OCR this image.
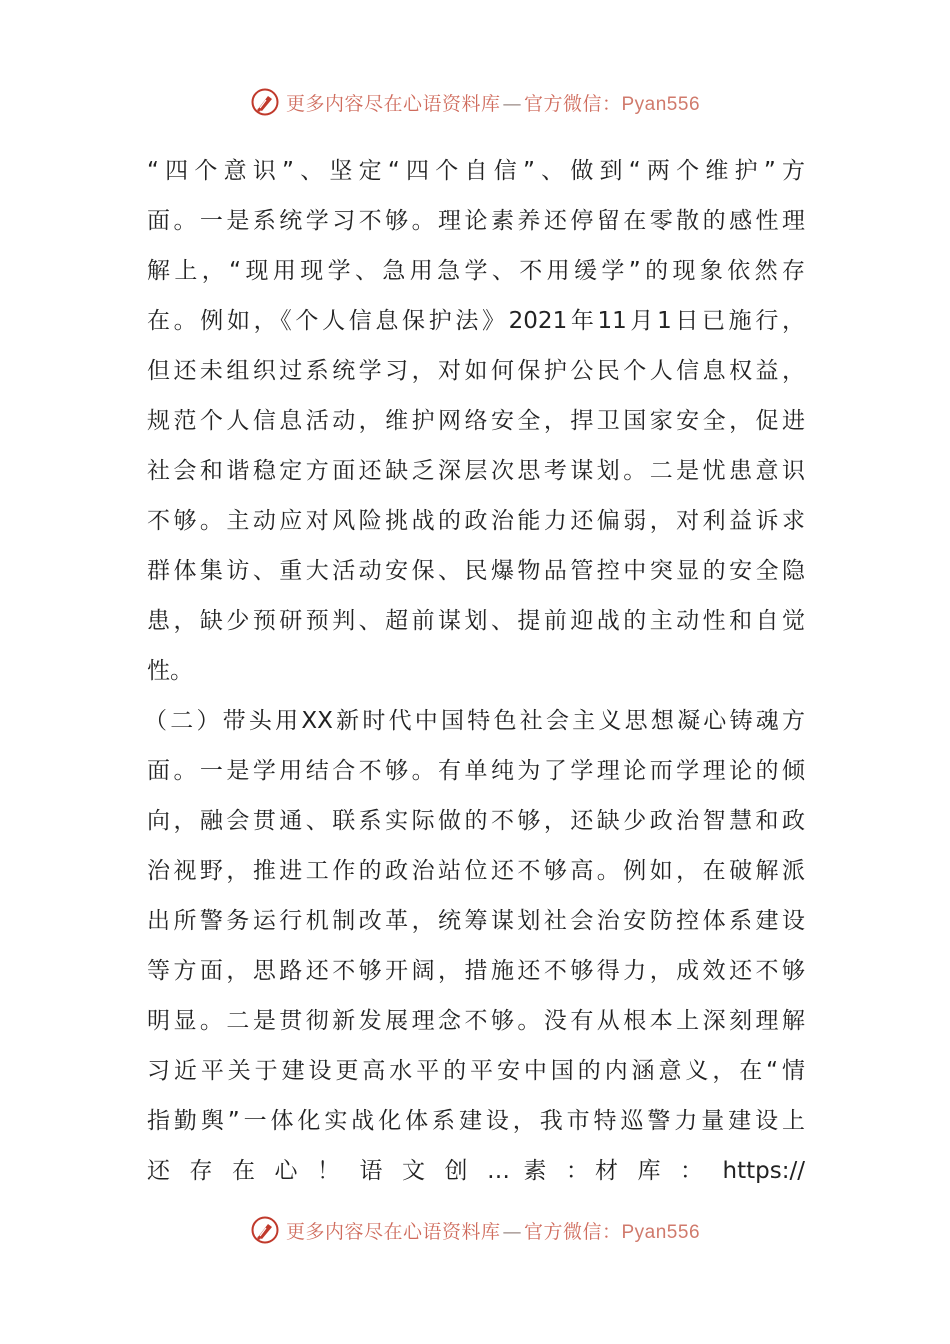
更多内容尽在心语资料库 — 官方微信：Pyan556
“四个意识”、坚定“四个自信”、做到“两个维护”方
面。一是系统学习不够。理论素养还停留在零散的感性理
解上，“现用现学、急用急学、不用缓学”的现象依然存
在。例如，《个人信息保护法》2021年11月1日已施行，
但还未组织过系统学习，对如何保护公民个人信息权益，
规范个人信息活动，维护网络安全，捍卫国家安全，促进
社会和谐稳定方面还缺乏深层次思考谋划。二是忧患意识
不够。主动应对风险挑战的政治能力还偏弱，对利益诉求
群体集访、重大活动安保、民爆物品管控中突显的安全隐
患，缺少预研预判、超前谋划、提前迎战的主动性和自觉
性。
（二）带头用XX新时代中国特色社会主义思想凝心铸魂方
面。一是学用结合不够。有单纯为了学理论而学理论的倾
向，融会贯通、联系实际做的不够，还缺少政治智慧和政
治视野，推进工作的政治站位还不够高。例如，在破解派
出所警务运行机制改革，统筹谋划社会治安防控体系建设
等方面，思路还不够开阔，措施还不够得力，成效还不够
明显。二是贯彻新发展理念不够。没有从根本上深刻理解
习近平关于建设更高水平的平安中国的内涵意义，在“情
指勤舆”一体化实战化体系建设，我市特巡警力量建设上
还 存 在 心 ！ 语 文 创 … 素 ：材 库 ： https://
更多内容尽在心语资料库 — 官方微信：Pyan556
